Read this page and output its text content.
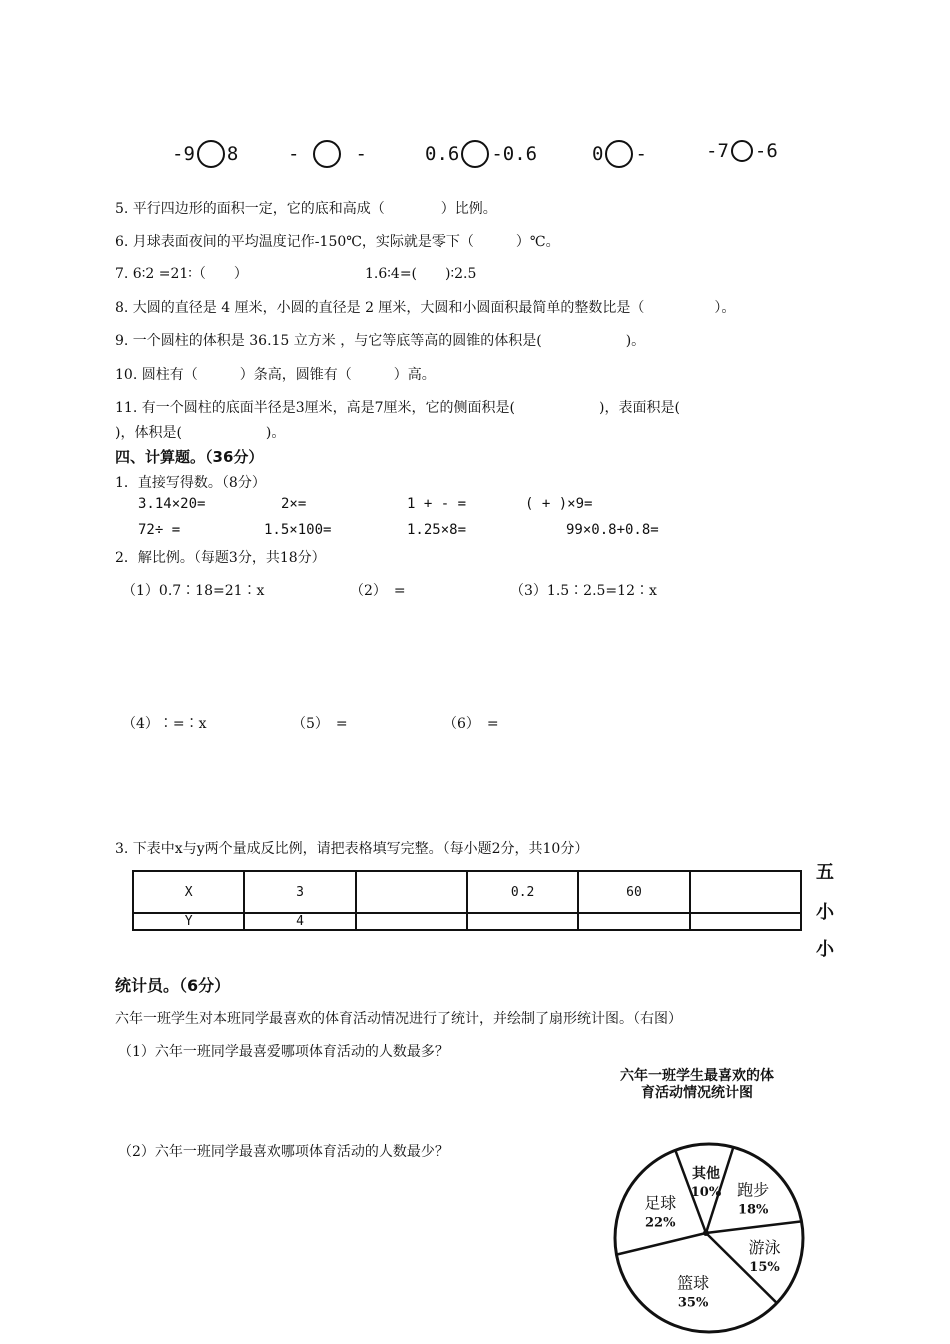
-9 8	-	-	0.6 -0.6	0 -	-7 -6
5. 平行四边形的面积一定，它的底和高成（　　　　）比例。
6. 月球表面夜间的平均温度记作-150℃，实际就是零下（　　　）℃。
7. 6∶2 =21∶（　　）	1.6∶4=(　　)∶2.5
8. 大圆的直径是 4 厘米，小圆的直径是 2 厘米，大圆和小圆面积最简单的整数比是（　　　　　）。
9. 一个圆柱的体积是 36.15 立方米 ，与它等底等高的圆锥的体积是(　　　　　　)。
10. 圆柱有（　　　）条高，圆锥有（　　　）高。
11. 有一个圆柱的底面半径是3厘米，高是7厘米，它的侧面积是(　　　　　　)，表面积是(
)，体积是(　　　　　　)。
四、计算题。（36分）
1．直接写得数。（8分）
3.14×20=	2×=	1 + - =	( + )×9=
72÷ =	1.5×100=	1.25×8=	99×0.8+0.8=
2．解比例。（每题3分，共18分）
（1）0.7∶18=21∶x	（2）　=	（3）1.5∶2.5=12∶x
（4）∶=∶x	（5）　=	（6）　=
3. 下表中x与y两个量成反比例，请把表格填写完整。（每小题2分，共10分）
X	3		0.2	60	
Y	4				
五
小
小
统计员。（6分）
六年一班学生对本班同学最喜欢的体育活动情况进行了统计，并绘制了扇形统计图。（右图）
（1）六年一班同学最喜爱哪项体育活动的人数最多？
（2）六年一班同学最喜欢哪项体育活动的人数最少？
六年一班学生最喜欢的体
育活动情况统计图
其他
10% 跑步
18%
游泳
15%
篮球
35%
足球
22%
